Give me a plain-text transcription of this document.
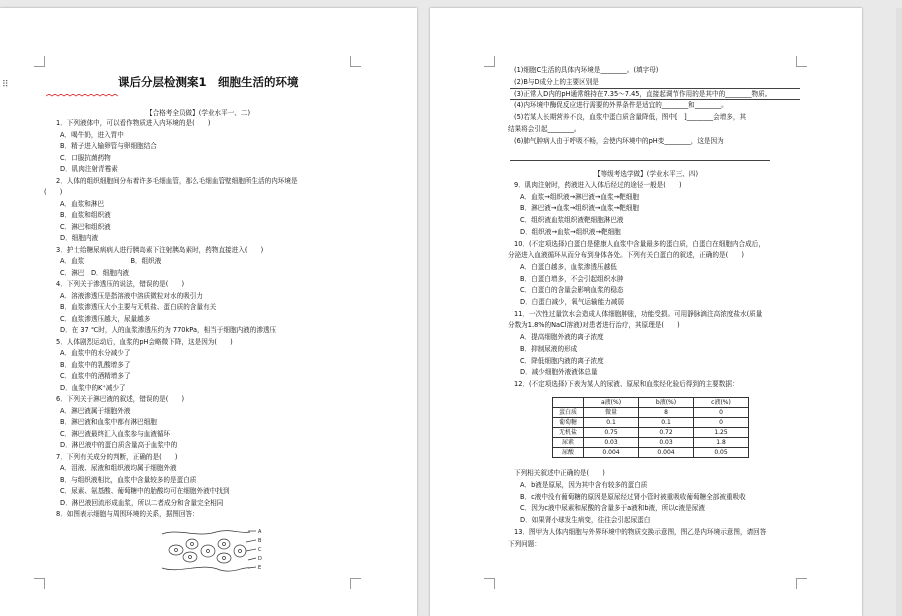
⠿	课后分层检测案1　细胞生活的环境
【合格考全员做】(学业水平一、二)
1．下列液体中，可以看作物质进入内环境的是(　　)
A．喝牛奶，进入胃中
B．精子进入输卵管与卵细胞结合
C．口服抗菌药物
D．肌肉注射青霉素
2．人体的组织细胞间分布着许多毛细血管，那么毛细血管壁细胞所生活的内环境是
(　　)
A．血浆和淋巴
B．血浆和组织液
C．淋巴和组织液
D．细胞内液
3．护士给糖尿病病人进行胰岛素下注射胰岛素时，药物直接进入(　　)
A．血浆　　　　　　　B．组织液
C．淋巴　D．细胞内液
4．下列关于渗透压的说法，错误的是(　　)
A．溶液渗透压是指溶液中溶质微粒对水的吸引力
B．血浆渗透压大小主要与无机盐、蛋白质的含量有关
C．血浆渗透压越大，尿量越多
D．在 37 ℃时，人的血浆渗透压约为 770kPa，相当于细胞内液的渗透压
5．人体剧烈运动后，血浆的pH会略微下降，这是因为(　　)
A．血浆中的水分减少了
B．血浆中的乳酸增多了
C．血浆中的酒精增多了
D．血浆中的K⁺减少了
6．下列关于淋巴液的叙述，错误的是(　　)
A．淋巴液属于细胞外液
B．淋巴液和血浆中都有淋巴细胞
C．淋巴液最终汇入血浆参与血液循环
D．淋巴液中的蛋白质含量高于血浆中的
7．下列有关成分的判断，正确的是(　　)
A．泪液、尿液和组织液均属于细胞外液
B．与组织液相比，血浆中含量较多的是蛋白质
C．尿素、氨基酸、葡萄糖中的胎酸均可在细胞外液中找到
D．淋巴液回流形成血浆，所以二者成分和含量完全相同
8．如图表示细胞与周围环境的关系，据图回答：
A
B
C
D
E
(1)细胞C生活的具体内环境是________。(填字母)
(2)B与D成分上的主要区别是
(3)正常人D内的pH通常维持在7.35～7.45，直接起调节作用的是其中的________物质。
(4)内环境中酶促反应进行需要的外界条件是适宜的________和________。
(5)若某人长期营养不良，血浆中蛋白质含量降低，图中[　]________会增多，其
结果将会引起________。
(6)肺气肿病人由于呼吸不畅，会使内环境中的pH变________，这是因为
【等级考选学做】(学业水平三、四)
9．肌肉注射时，药液进入人体后经过的途径一般是(　　)
A．血浆→组织液→淋巴液→血浆→靶细胞
B．淋巴液→血浆→组织液→血浆→靶细胞
C．组织液血浆组织液靶细胞淋巴液
D．组织液→血浆→组织液→靶细胞
10．(不定项选择)白蛋白是健康人血浆中含量最多的蛋白质，白蛋白在细胞内合成后，
分泌进入血液循环从而分布到身体各处。下列有关白蛋白的叙述，正确的是(　　)
A．白蛋白越多，血浆渗透压越低
B．白蛋白增多，不会引起组织水肿
C．白蛋白的含量会影响血浆的稳态
D．白蛋白减少，氧气运输能力减弱
11．一次性过量饮水会造成人体细胞肿胀，功能受损。可用静脉滴注高浓度盐水(质量
分数为1.8%的NaCl溶液)对患者进行治疗，其原理是(　　)
A．提高细胞外液的离子浓度
B．抑制尿液的形成
C．降低细胞内液的离子浓度
D．减少细胞外液液体总量
12．(不定项选择)下表为某人的尿液、原尿和血浆经化验后得到的主要数据：
	a液(%)	b液(%)	c液(%)
蛋白质	微量	8	0
葡萄糖	0.1	0.1	0
无机盐	0.75	0.72	1.25
尿素	0.03	0.03	1.8
尿酸	0.004	0.004	0.05
下列相关叙述中正确的是(　　)
A．b液是原尿，因为其中含有较多的蛋白质
B．c液中没有葡萄糖的原因是原尿经过肾小管时被重吸收葡萄糖全部被重吸收
C．因为c液中尿素和尿酸的含量多于a液和b液，所以c液是尿液
D．如果肾小球发生病变，往往会引起尿蛋白
13．图甲为人体内细胞与外界环境中的物质交换示意图，图乙是内环境示意图，请回答
下列问题：
